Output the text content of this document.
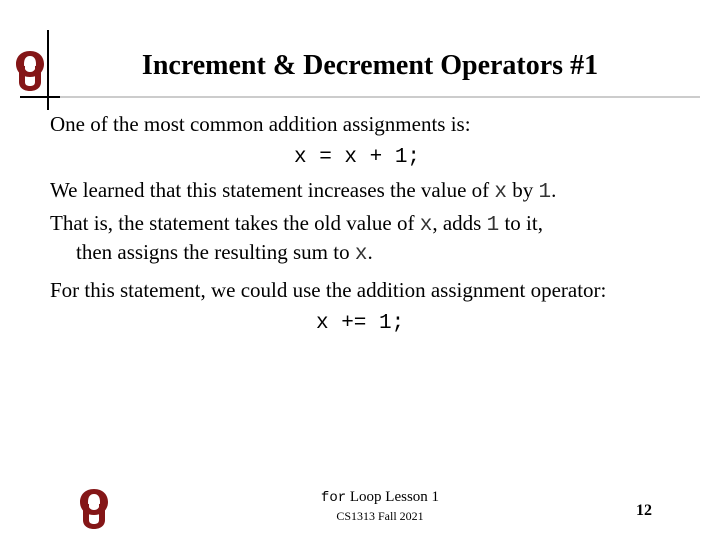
Increment & Decrement Operators #1
One of the most common addition assignments is:
x = x + 1;
We learned that this statement increases the value of x by 1.
That is, the statement takes the old value of x, adds 1 to it,
then assigns the resulting sum to x.
For this statement, we could use the addition assignment operator:
x += 1;
for Loop Lesson 1
CS1313 Fall 2021	12
